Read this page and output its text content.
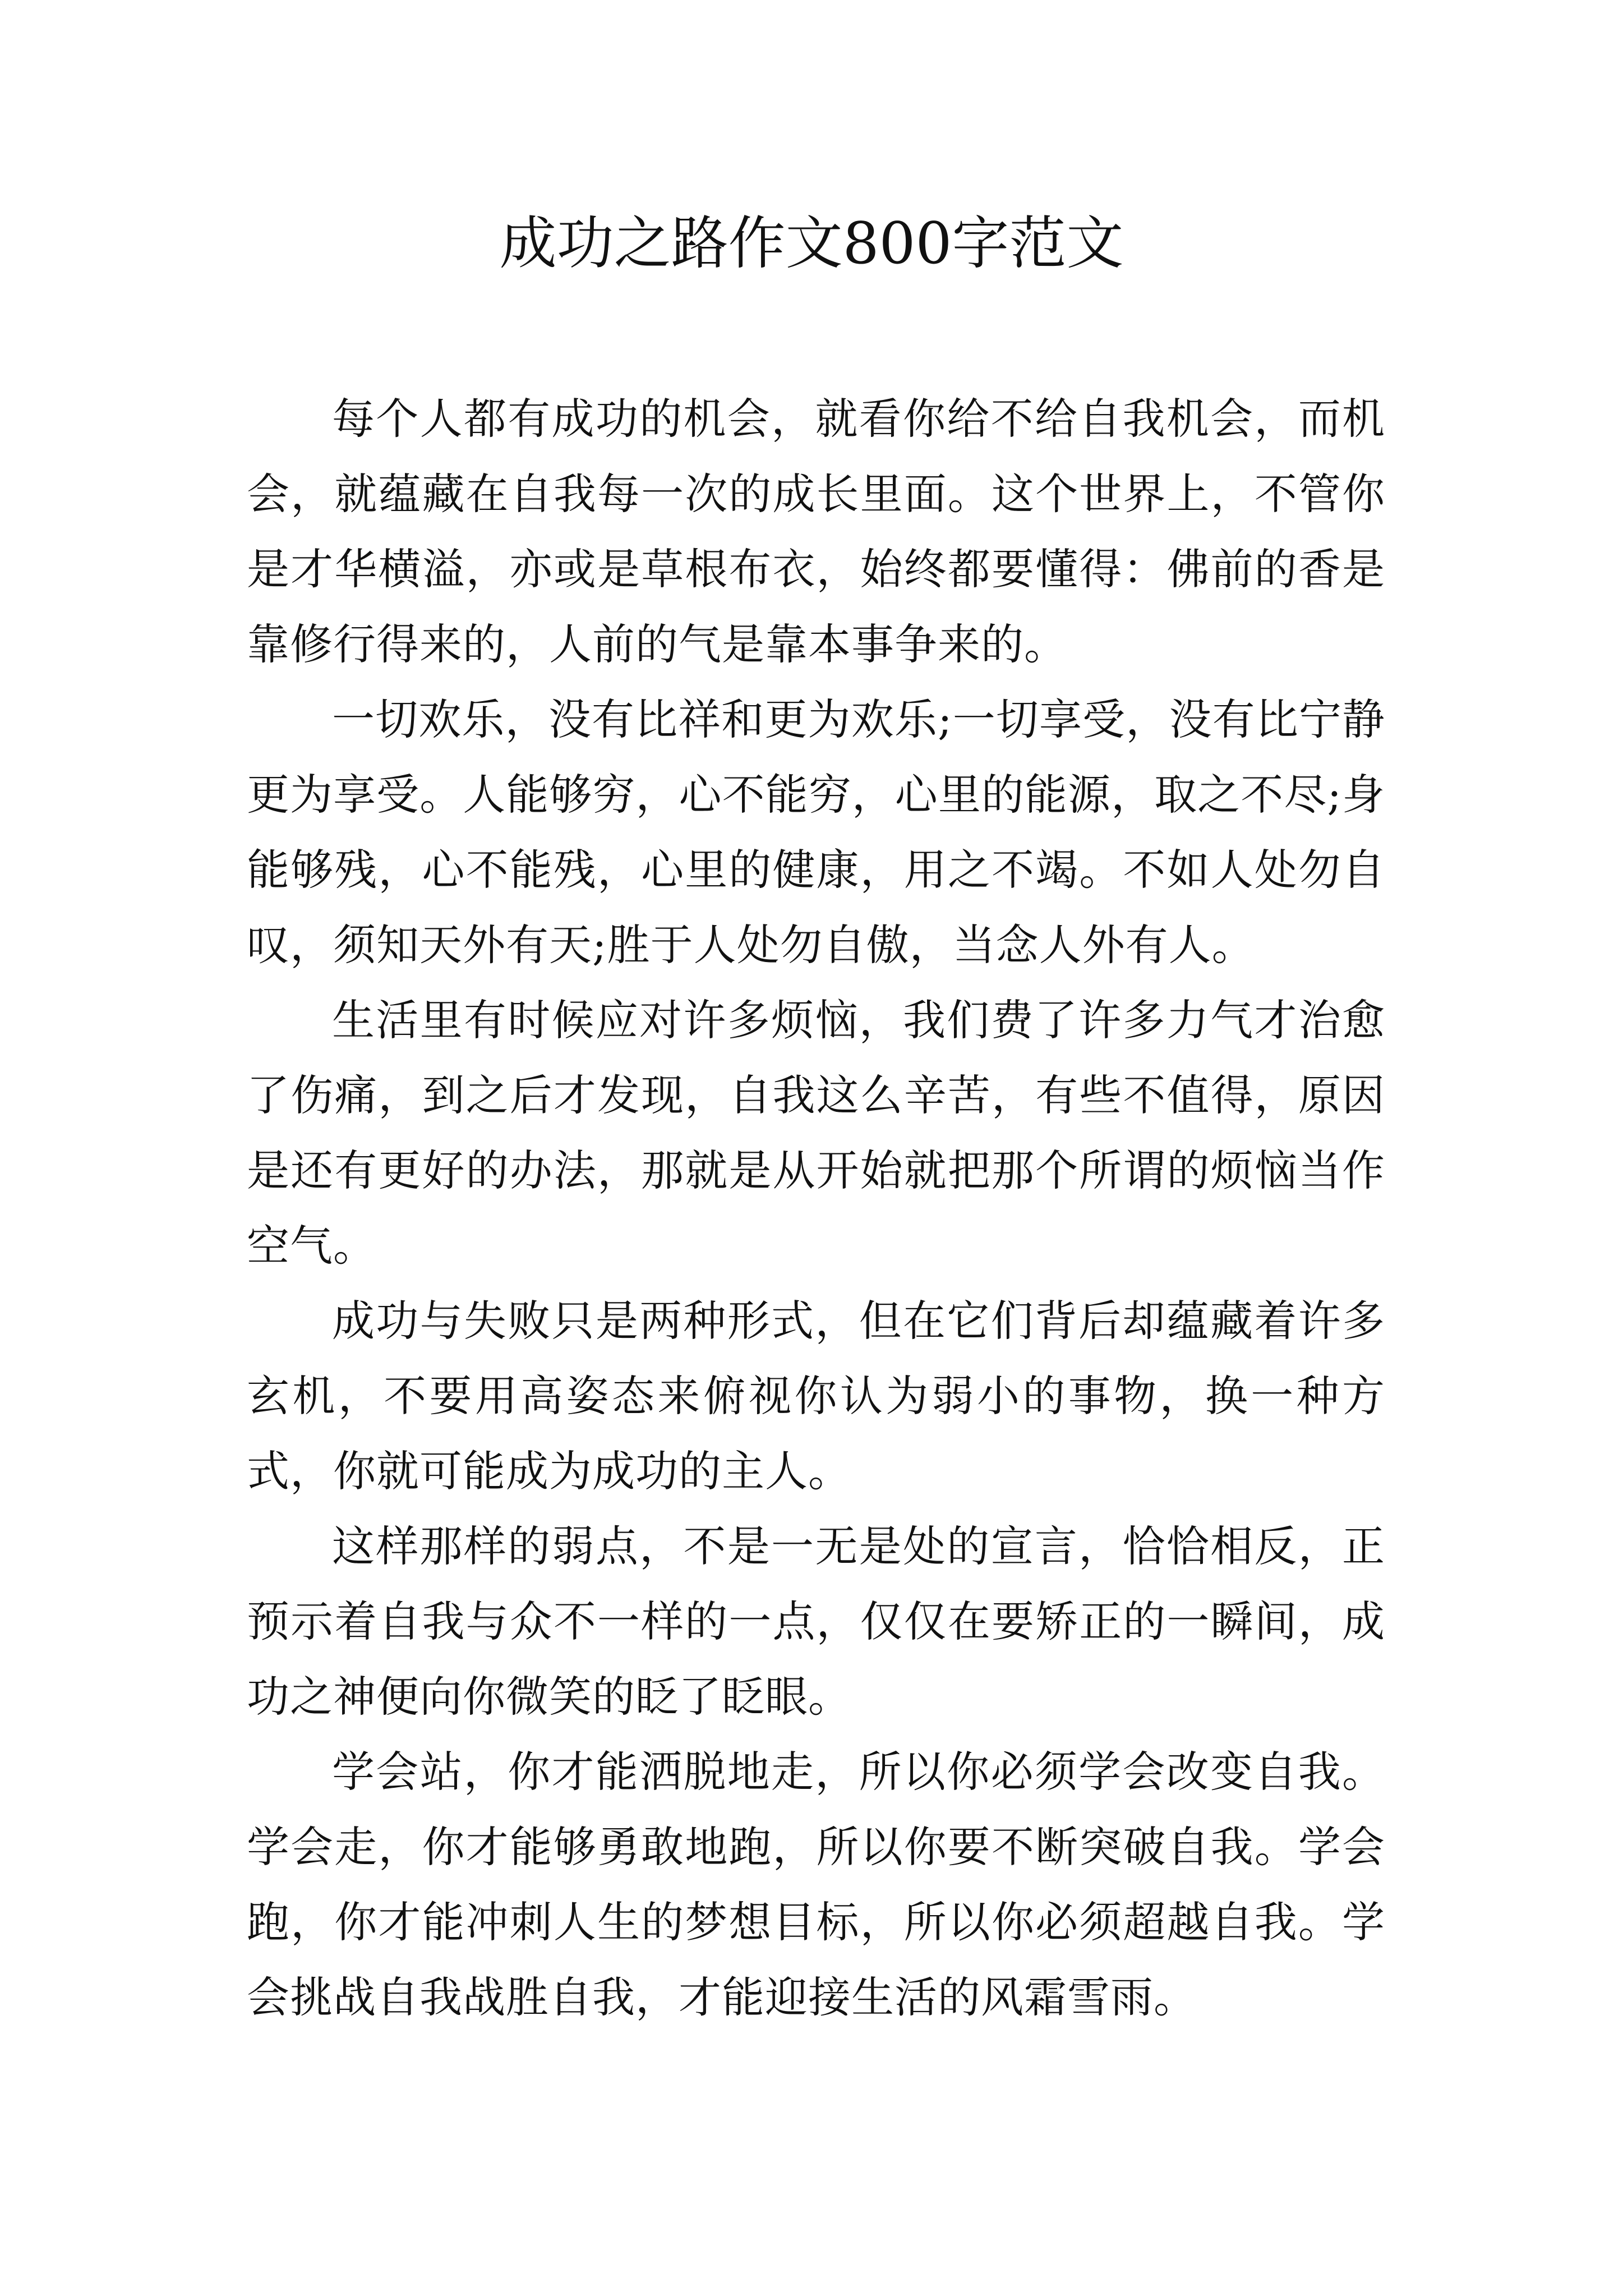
成功之路作文800字范文

每个人都有成功的机会，就看你给不给自我机会，而机会，就蕴藏在自我每一次的成长里面。这个世界上，不管你是才华横溢，亦或是草根布衣，始终都要懂得：佛前的香是靠修行得来的，人前的气是靠本事争来的。

一切欢乐，没有比祥和更为欢乐;一切享受，没有比宁静更为享受。人能够穷，心不能穷，心里的能源，取之不尽;身能够残，心不能残，心里的健康，用之不竭。不如人处勿自叹，须知天外有天;胜于人处勿自傲，当念人外有人。

生活里有时候应对许多烦恼，我们费了许多力气才治愈了伤痛，到之后才发现，自我这么辛苦，有些不值得，原因是还有更好的办法，那就是从开始就把那个所谓的烦恼当作空气。

成功与失败只是两种形式，但在它们背后却蕴藏着许多玄机，不要用高姿态来俯视你认为弱小的事物，换一种方式，你就可能成为成功的主人。

这样那样的弱点，不是一无是处的宣言，恰恰相反，正预示着自我与众不一样的一点，仅仅在要矫正的一瞬间，成功之神便向你微笑的眨了眨眼。

学会站，你才能洒脱地走，所以你必须学会改变自我。学会走，你才能够勇敢地跑，所以你要不断突破自我。学会跑，你才能冲刺人生的梦想目标，所以你必须超越自我。学会挑战自我战胜自我，才能迎接生活的风霜雪雨。
